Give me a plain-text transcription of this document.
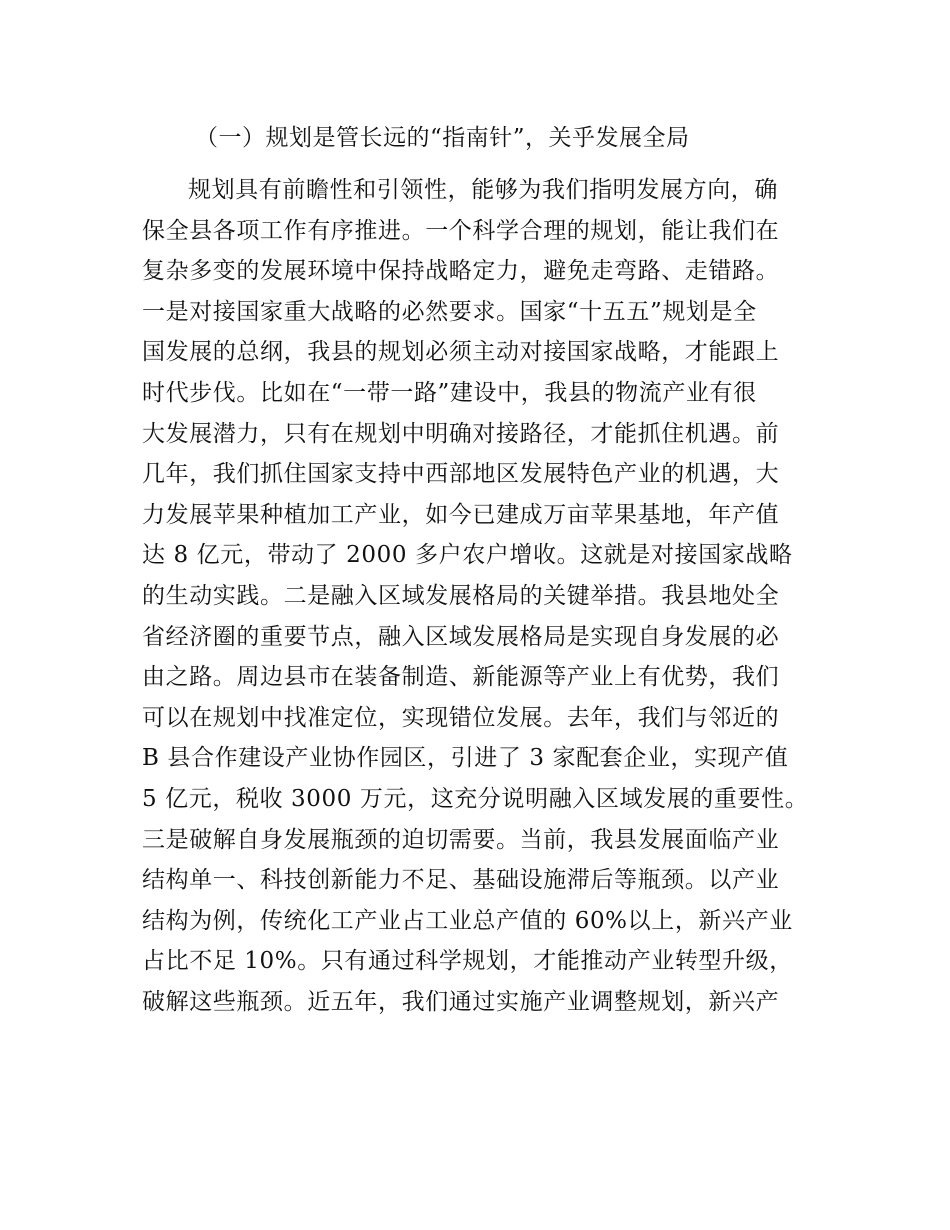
（一）规划是管长远的“指南针”，关乎发展全局
规划具有前瞻性和引领性，能够为我们指明发展方向，确
保全县各项工作有序推进。一个科学合理的规划，能让我们在
复杂多变的发展环境中保持战略定力，避免走弯路、走错路。
一是对接国家重大战略的必然要求。国家“十五五”规划是全
国发展的总纲，我县的规划必须主动对接国家战略，才能跟上
时代步伐。比如在“一带一路”建设中，我县的物流产业有很
大发展潜力，只有在规划中明确对接路径，才能抓住机遇。前
几年，我们抓住国家支持中西部地区发展特色产业的机遇，大
力发展苹果种植加工产业，如今已建成万亩苹果基地，年产值
达 8 亿元，带动了 2000 多户农户增收。这就是对接国家战略
的生动实践。二是融入区域发展格局的关键举措。我县地处全
省经济圈的重要节点，融入区域发展格局是实现自身发展的必
由之路。周边县市在装备制造、新能源等产业上有优势，我们
可以在规划中找准定位，实现错位发展。去年，我们与邻近的
B 县合作建设产业协作园区，引进了 3 家配套企业，实现产值
5 亿元，税收 3000 万元，这充分说明融入区域发展的重要性。
三是破解自身发展瓶颈的迫切需要。当前，我县发展面临产业
结构单一、科技创新能力不足、基础设施滞后等瓶颈。以产业
结构为例，传统化工产业占工业总产值的 60%以上，新兴产业
占比不足 10%。只有通过科学规划，才能推动产业转型升级，
破解这些瓶颈。近五年，我们通过实施产业调整规划，新兴产
